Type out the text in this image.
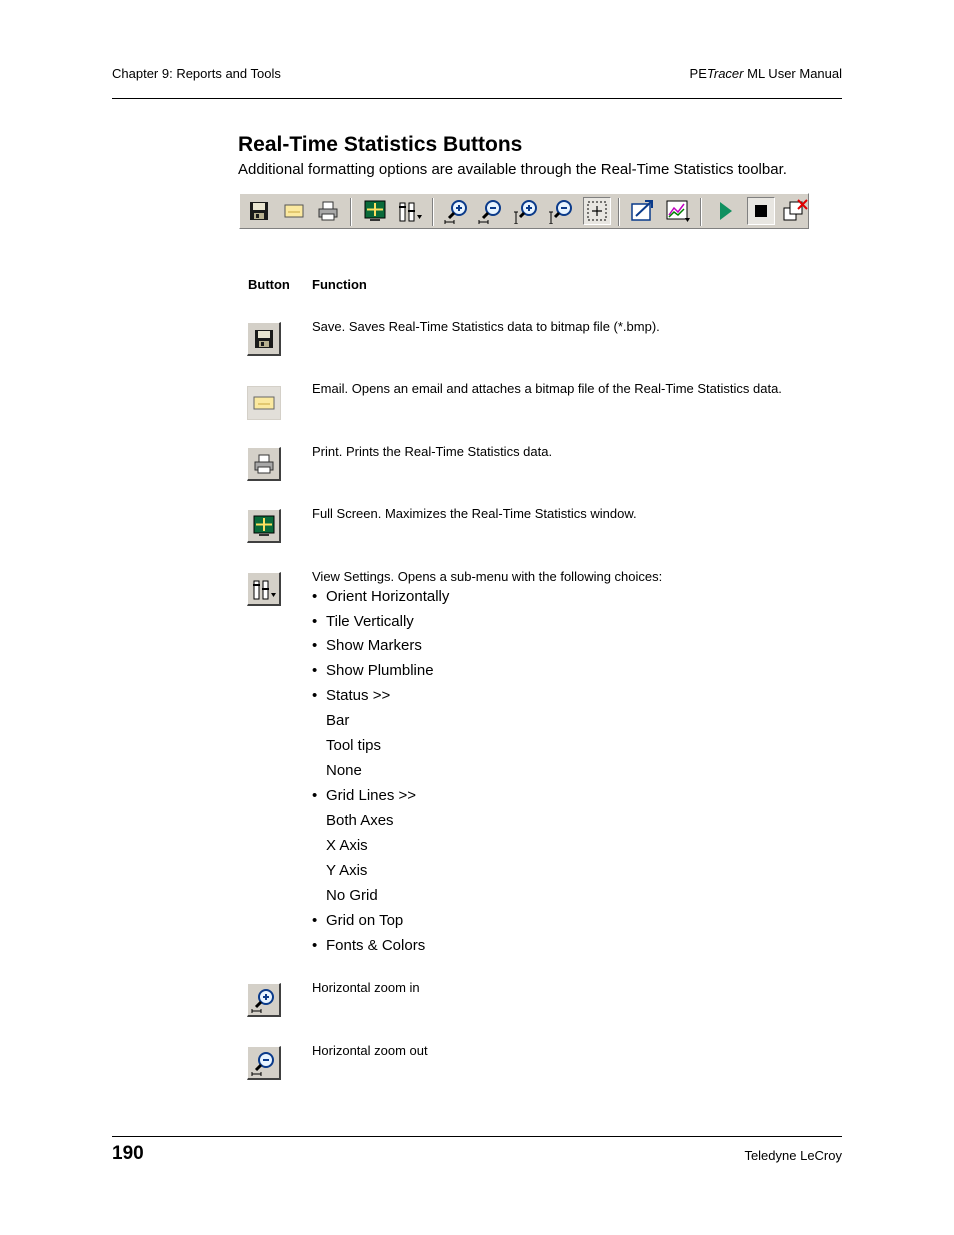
Chapter 9: Reports and Tools	PETracer ML User Manual
Real-Time Statistics Buttons
Additional formatting options are available through the Real-Time Statistics toolbar.
Button Function
Save. Saves Real-Time Statistics data to bitmap file (*.bmp).
Email. Opens an email and attaches a bitmap file of the Real-Time Statistics data.
Print. Prints the Real-Time Statistics data.
Full Screen. Maximizes the Real-Time Statistics window.
View Settings. Opens a sub-menu with the following choices:
• Orient Horizontally
• Tile Vertically
• Show Markers
• Show Plumbline
• Status >>
Bar
Tool tips
None
• Grid Lines >>
Both Axes
X Axis
Y Axis
No Grid
• Grid on Top
• Fonts & Colors
Horizontal zoom in
Horizontal zoom out
190	Teledyne LeCroy
